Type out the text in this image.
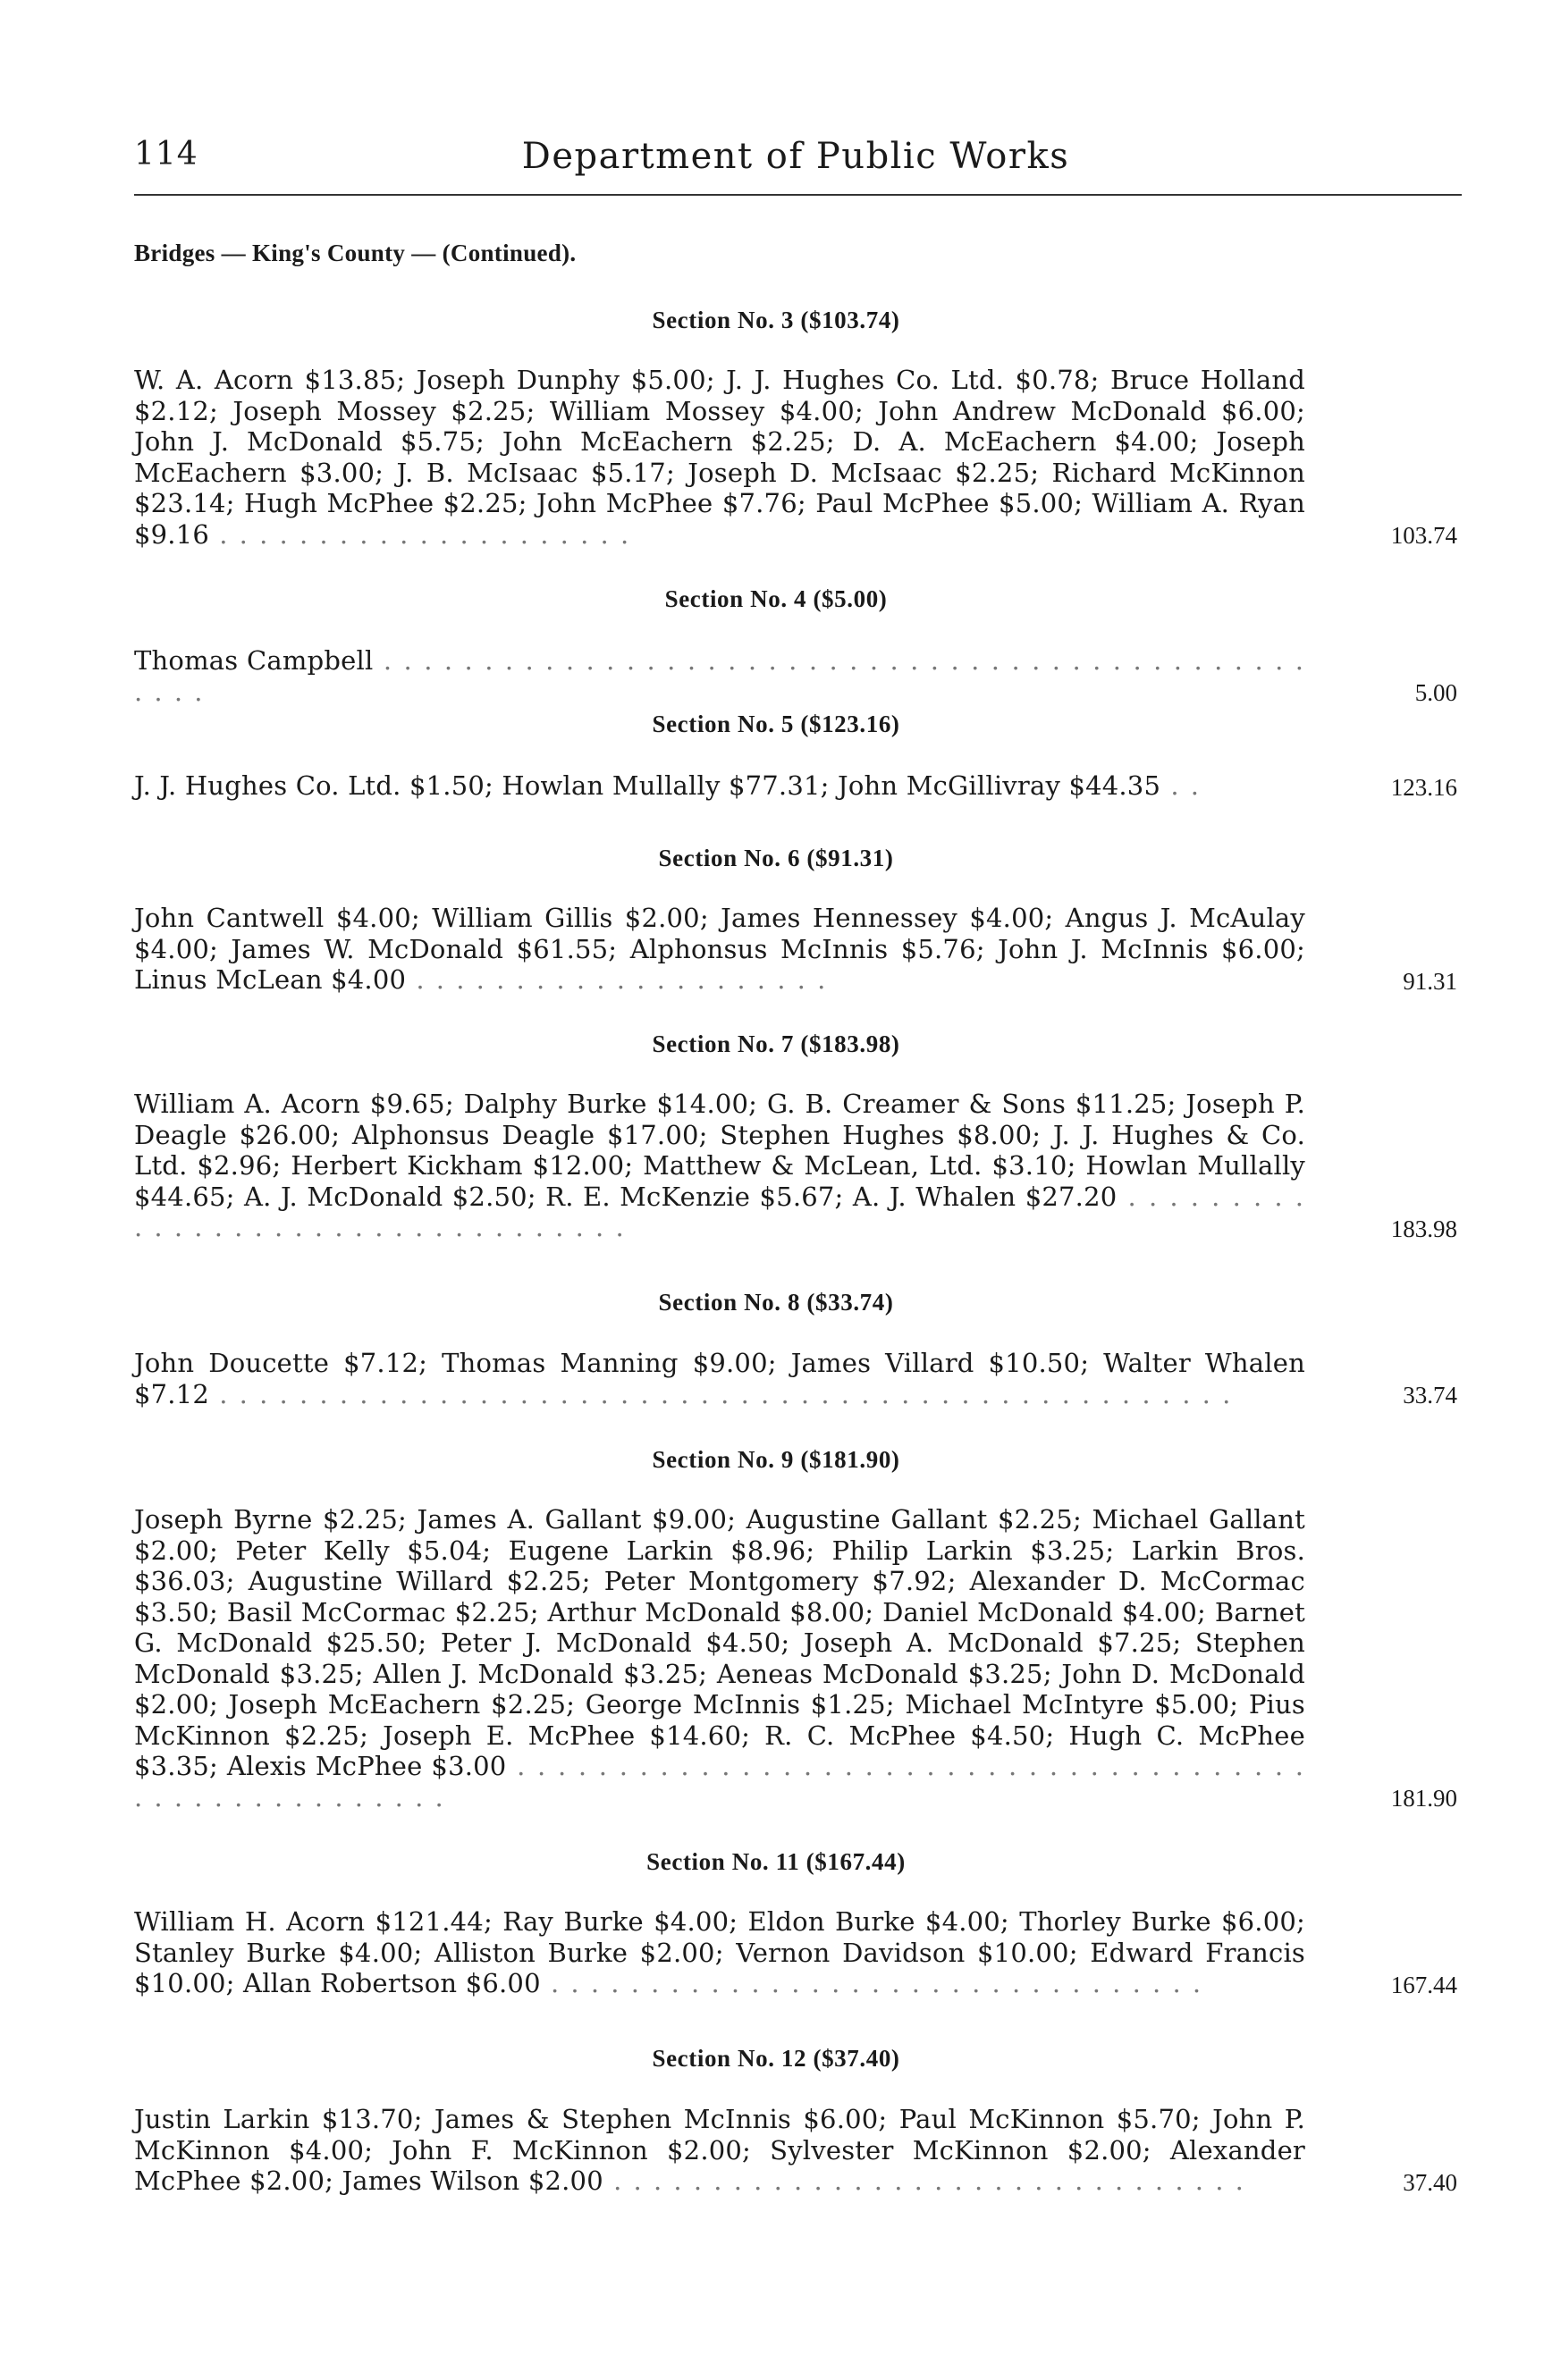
114	Department of Public Works
Bridges — King's County — (Continued).
Section No. 3 ($103.74)
W. A. Acorn $13.85; Joseph Dunphy $5.00; J. J. Hughes Co. Ltd. $0.78; Bruce Holland $2.12; Joseph Mossey $2.25; William Mossey $4.00; John Andrew McDonald $6.00; John J. McDonald $5.75; John McEachern $2.25; D. A. McEachern $4.00; Joseph McEachern $3.00; J. B. McIsaac $5.17; Joseph D. McIsaac $2.25; Richard McKinnon $23.14; Hugh McPhee $2.25; John McPhee $7.76; Paul McPhee $5.00; William A. Ryan $9.16 . . . . . . . . . . . . . . . . . . . . .	103.74
Section No. 4 ($5.00)
Thomas Campbell . . . . . . . . . . . . . . . . . . . . . . . . . . . . . . . . . . . . . . . . . . . . . . . . . .	5.00
Section No. 5 ($123.16)
J. J. Hughes Co. Ltd. $1.50; Howlan Mullally $77.31; John McGillivray $44.35 . .	123.16
Section No. 6 ($91.31)
John Cantwell $4.00; William Gillis $2.00; James Hennessey $4.00; Angus J. McAulay $4.00; James W. McDonald $61.55; Alphonsus McInnis $5.76; John J. McInnis $6.00; Linus McLean $4.00 . . . . . . . . . . . . . . . . . . . . .	91.31
Section No. 7 ($183.98)
William A. Acorn $9.65; Dalphy Burke $14.00; G. B. Creamer & Sons $11.25; Joseph P. Deagle $26.00; Alphonsus Deagle $17.00; Stephen Hughes $8.00; J. J. Hughes & Co. Ltd. $2.96; Herbert Kickham $12.00; Matthew & McLean, Ltd. $3.10; Howlan Mullally $44.65; A. J. McDonald $2.50; R. E. McKenzie $5.67; A. J. Whalen $27.20 . . . . . . . . . . . . . . . . . . . . . . . . . . . . . . . . . .	183.98
Section No. 8 ($33.74)
John Doucette $7.12; Thomas Manning $9.00; James Villard $10.50; Walter Whalen $7.12 . . . . . . . . . . . . . . . . . . . . . . . . . . . . . . . . . . . . . . . . . . . . . . . . . . .	33.74
Section No. 9 ($181.90)
Joseph Byrne $2.25; James A. Gallant $9.00; Augustine Gallant $2.25; Michael Gallant $2.00; Peter Kelly $5.04; Eugene Larkin $8.96; Philip Larkin $3.25; Larkin Bros. $36.03; Augustine Willard $2.25; Peter Montgomery $7.92; Alexander D. McCormac $3.50; Basil McCormac $2.25; Arthur McDonald $8.00; Daniel McDonald $4.00; Barnet G. McDonald $25.50; Peter J. McDonald $4.50; Joseph A. McDonald $7.25; Stephen McDonald $3.25; Allen J. McDonald $3.25; Aeneas McDonald $3.25; John D. McDonald $2.00; Joseph McEachern $2.25; George McInnis $1.25; Michael McIntyre $5.00; Pius McKinnon $2.25; Joseph E. McPhee $14.60; R. C. McPhee $4.50; Hugh C. McPhee $3.35; Alexis McPhee $3.00 . . . . . . . . . . . . . . . . . . . . . . . . . . . . . . . . . . . . . . . . . . . . . . . . . . . . . . .	181.90
Section No. 11 ($167.44)
William H. Acorn $121.44; Ray Burke $4.00; Eldon Burke $4.00; Thorley Burke $6.00; Stanley Burke $4.00; Alliston Burke $2.00; Vernon Davidson $10.00; Edward Francis $10.00; Allan Robertson $6.00 . . . . . . . . . . . . . . . . . . . . . . . . . . . . . . . . .	167.44
Section No. 12 ($37.40)
Justin Larkin $13.70; James & Stephen McInnis $6.00; Paul McKinnon $5.70; John P. McKinnon $4.00; John F. McKinnon $2.00; Sylvester McKinnon $2.00; Alexander McPhee $2.00; James Wilson $2.00 . . . . . . . . . . . . . . . . . . . . . . . . . . . . . . . .	37.40
